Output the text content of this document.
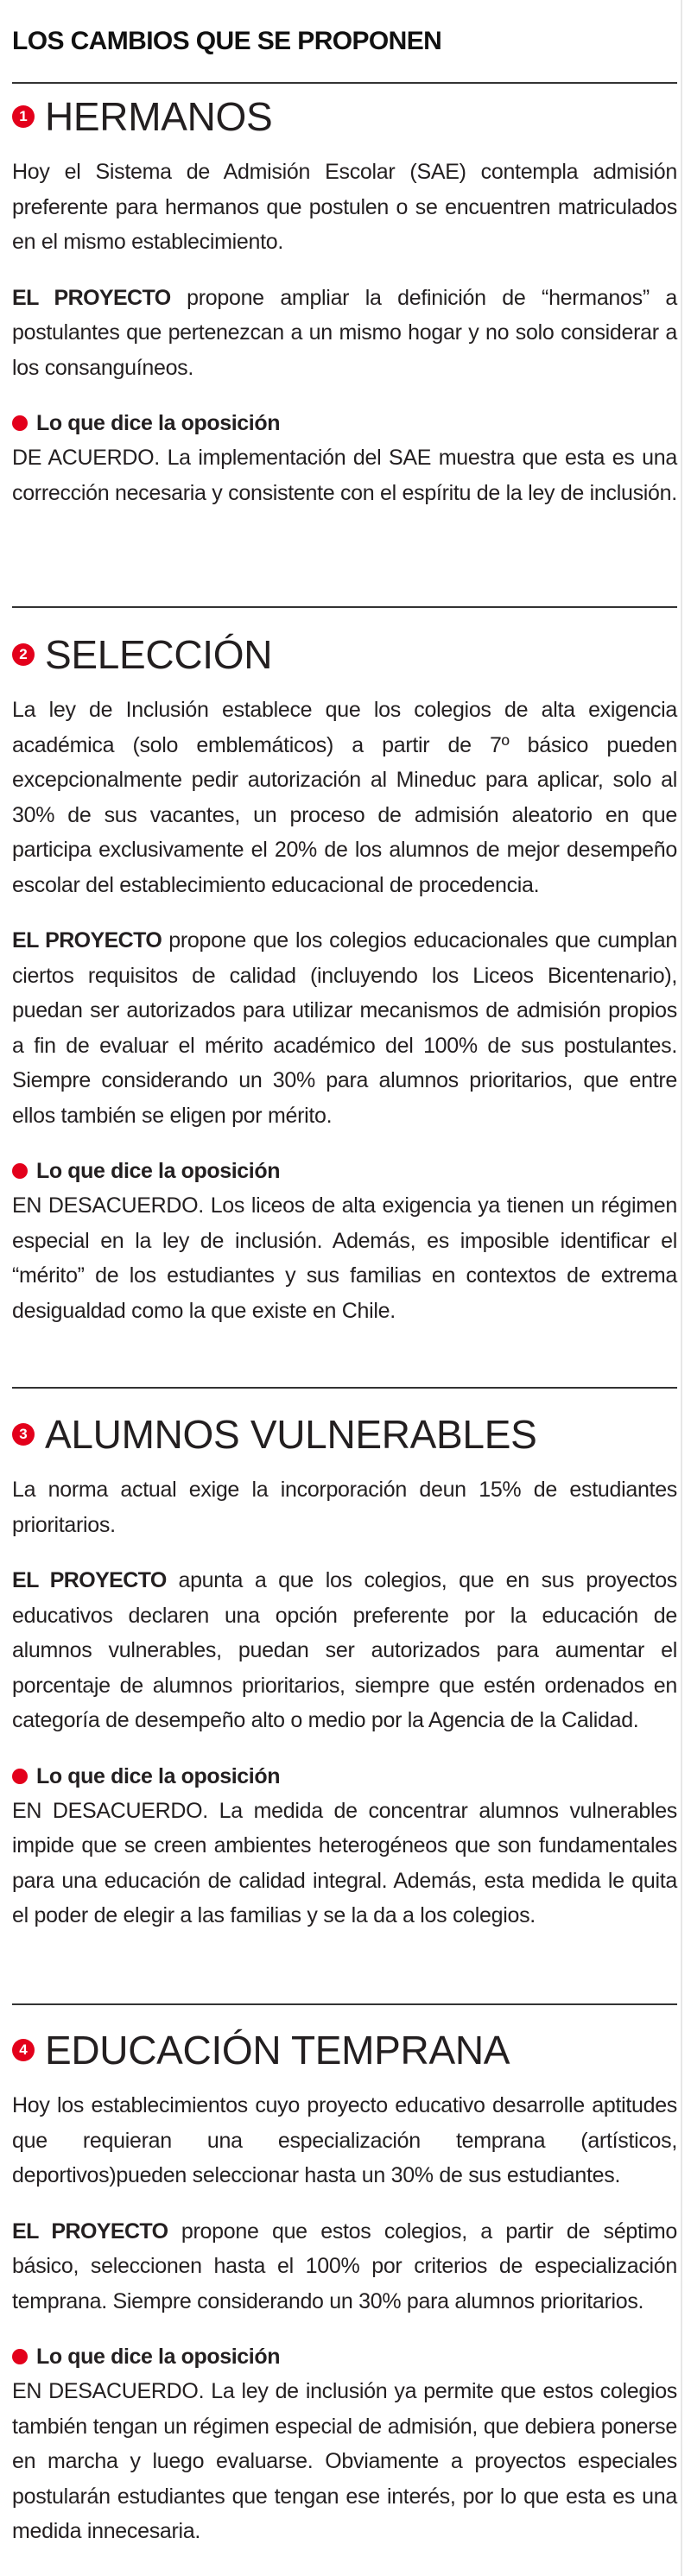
LOS CAMBIOS QUE SE PROPONEN
1 HERMANOS

Hoy el Sistema de Admisión Escolar (SAE) contempla admisión preferente para hermanos que postulen o se encuentren matriculados en el mismo establecimiento.

EL PROYECTO propone ampliar la definición de “hermanos” a postulantes que pertenezcan a un mismo hogar y no solo considerar a los consanguíneos.

Lo que dice la oposición

DE ACUERDO. La implementación del SAE muestra que esta es una corrección necesaria y consistente con el espíritu de la ley de inclusión.

2 SELECCIÓN

La ley de Inclusión establece que los colegios de alta exigencia académica (solo emblemáticos) a partir de 7º básico pueden excepcionalmente pedir autorización al Mineduc para aplicar, solo al 30% de sus vacantes, un proceso de admisión aleatorio en que participa exclusivamente el 20% de los alumnos de mejor desempeño escolar del establecimiento educacional de procedencia.

EL PROYECTO propone que los colegios educacionales que cumplan ciertos requisitos de calidad (incluyendo los Liceos Bicentenario), puedan ser autorizados para utilizar mecanismos de admisión propios a fin de evaluar el mérito académico del 100% de sus postulantes. Siempre considerando un 30% para alumnos prioritarios, que entre ellos también se eligen por mérito.

Lo que dice la oposición

EN DESACUERDO. Los liceos de alta exigencia ya tienen un régimen especial en la ley de inclusión. Además, es imposible identificar el “mérito” de los estudiantes y sus familias en contextos de extrema desigualdad como la que existe en Chile.

3 ALUMNOS VULNERABLES

La norma actual exige la incorporación deun 15% de estudiantes prioritarios.

EL PROYECTO apunta a que los colegios, que en sus proyectos educativos declaren una opción preferente por la educación de alumnos vulnerables, puedan ser autorizados para aumentar el porcentaje de alumnos prioritarios, siempre que estén ordenados en categoría de desempeño alto o medio por la Agencia de la Calidad.

Lo que dice la oposición

EN DESACUERDO. La medida de concentrar alumnos vulnerables impide que se creen ambientes heterogéneos que son fundamentales para una educación de calidad integral. Además, esta medida le quita el poder de elegir a las familias y se la da a los colegios.

4 EDUCACIÓN TEMPRANA

Hoy los establecimientos cuyo proyecto educativo desarrolle aptitudes que requieran una especialización temprana (artísticos, deportivos)pueden seleccionar hasta un 30% de sus estudiantes.

EL PROYECTO propone que estos colegios, a partir de séptimo básico, seleccionen hasta el 100% por criterios de especialización temprana. Siempre considerando un 30% para alumnos prioritarios.

Lo que dice la oposición

EN DESACUERDO. La ley de inclusión ya permite que estos colegios también tengan un régimen especial de admisión, que debiera ponerse en marcha y luego evaluarse. Obviamente a proyectos especiales postularán estudiantes que tengan ese interés, por lo que esta es una medida innecesaria.
